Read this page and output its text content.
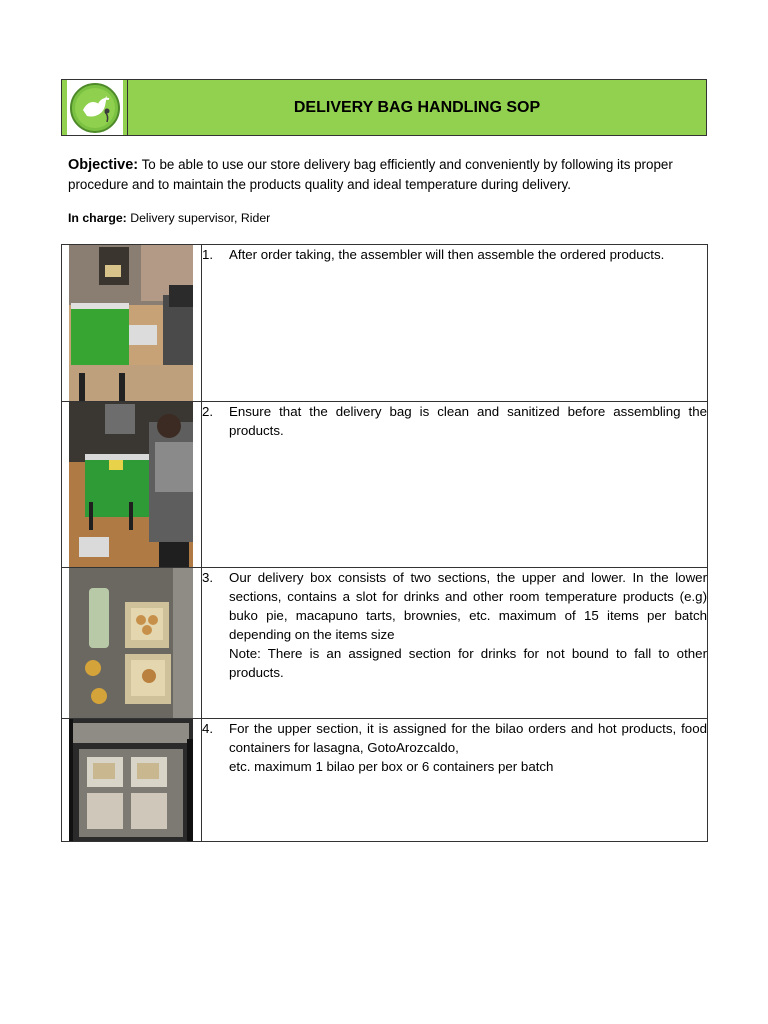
DELIVERY BAG HANDLING SOP
Objective: To be able to use our store delivery bag efficiently and conveniently by following its proper procedure and to maintain the products quality and ideal temperature during delivery.
In charge: Delivery supervisor, Rider

1. After order taking, the assembler will then assemble the ordered products.

2. Ensure that the delivery bag is clean and sanitized before assembling the products.

3. Our delivery box consists of two sections, the upper and lower. In the lower sections, contains a slot for drinks and other room temperature products (e.g) buko pie, macapuno tarts, brownies, etc. maximum of 15 items per batch depending on the items size
Note: There is an assigned section for drinks for not bound to fall to other products.

4. For the upper section, it is assigned for the bilao orders and hot products, food containers for lasagna, GotoArozcaldo,
etc. maximum 1 bilao per box or 6 containers per batch
